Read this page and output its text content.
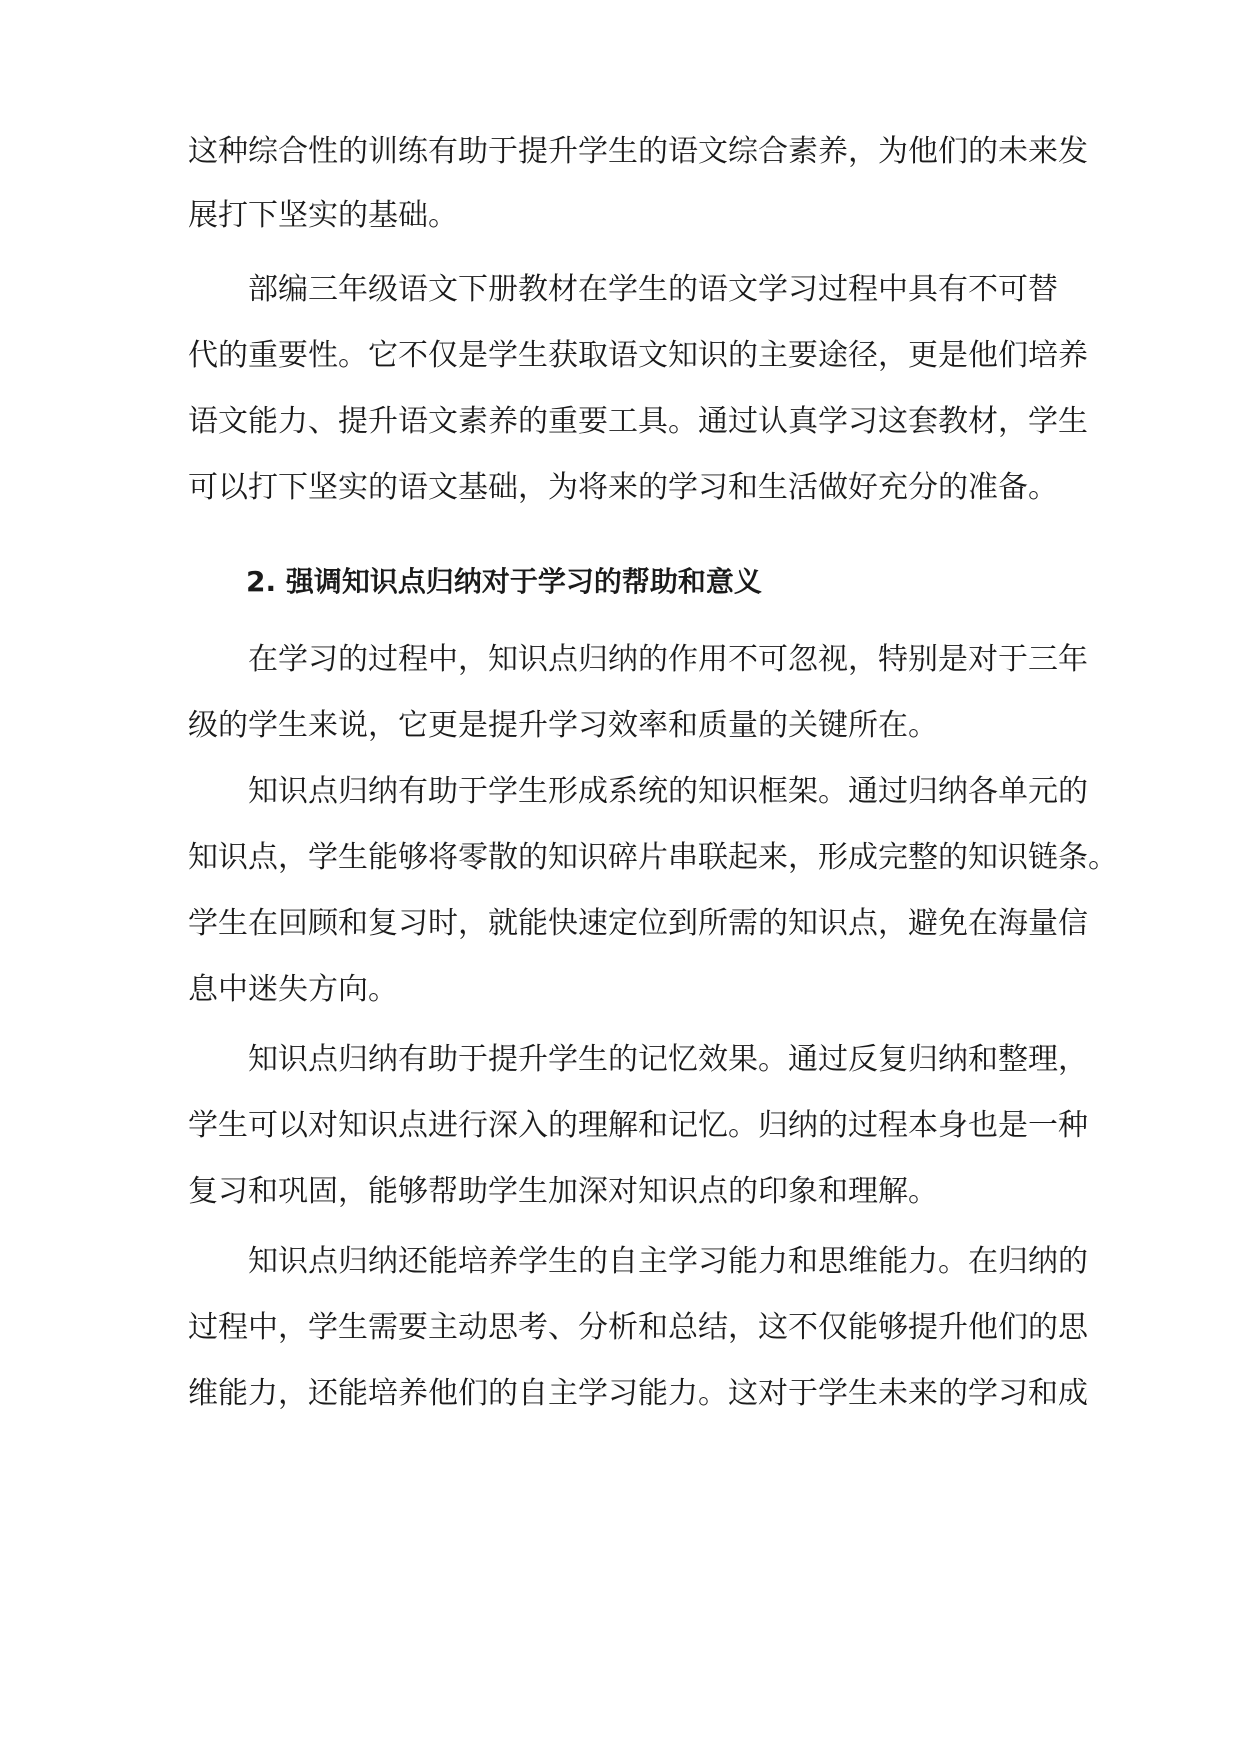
这种综合性的训练有助于提升学生的语文综合素养，为他们的未来发
展打下坚实的基础。
部编三年级语文下册教材在学生的语文学习过程中具有不可替
代的重要性。它不仅是学生获取语文知识的主要途径，更是他们培养
语文能力、提升语文素养的重要工具。通过认真学习这套教材，学生
可以打下坚实的语文基础，为将来的学习和生活做好充分的准备。
2. 强调知识点归纳对于学习的帮助和意义
在学习的过程中，知识点归纳的作用不可忽视，特别是对于三年
级的学生来说，它更是提升学习效率和质量的关键所在。
知识点归纳有助于学生形成系统的知识框架。通过归纳各单元的
知识点，学生能够将零散的知识碎片串联起来，形成完整的知识链条。
学生在回顾和复习时，就能快速定位到所需的知识点，避免在海量信
息中迷失方向。
知识点归纳有助于提升学生的记忆效果。通过反复归纳和整理，
学生可以对知识点进行深入的理解和记忆。归纳的过程本身也是一种
复习和巩固，能够帮助学生加深对知识点的印象和理解。
知识点归纳还能培养学生的自主学习能力和思维能力。在归纳的
过程中，学生需要主动思考、分析和总结，这不仅能够提升他们的思
维能力，还能培养他们的自主学习能力。这对于学生未来的学习和成
